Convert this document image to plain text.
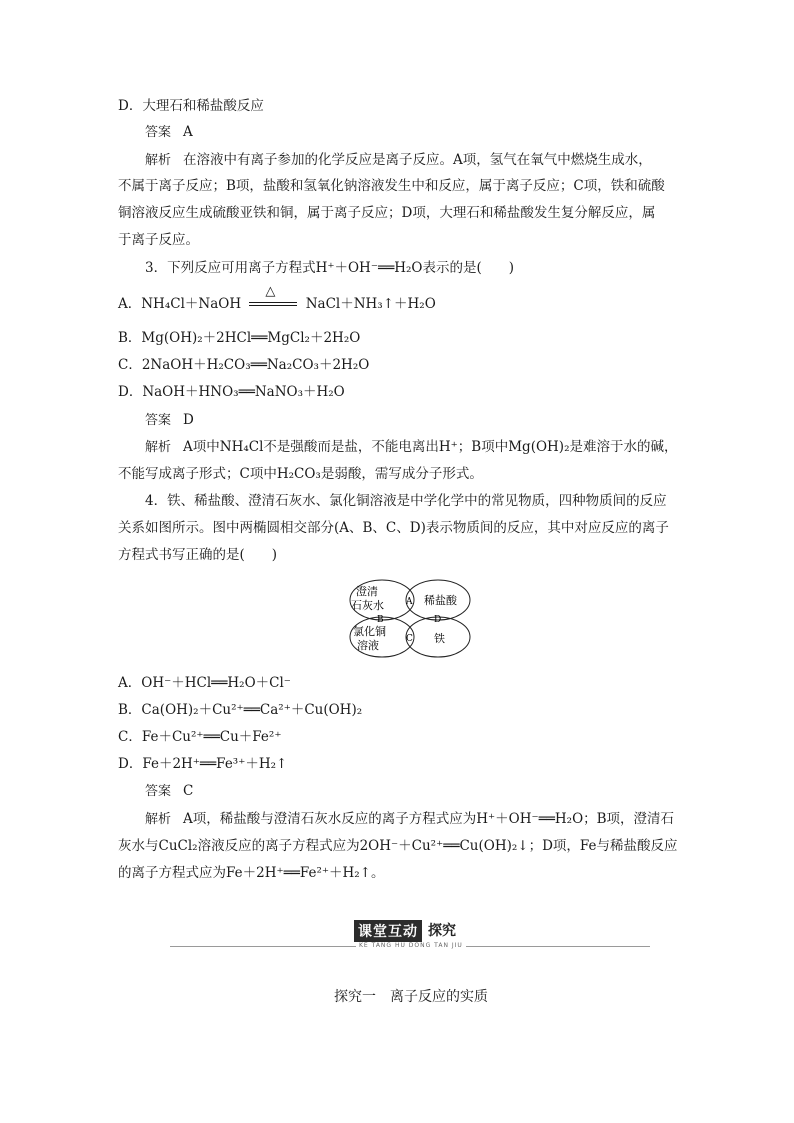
D．大理石和稀盐酸反应
答案 A
解析 在溶液中有离子参加的化学反应是离子反应。A项，氢气在氧气中燃烧生成水，
不属于离子反应；B项，盐酸和氢氧化钠溶液发生中和反应，属于离子反应；C项，铁和硫酸
铜溶液反应生成硫酸亚铁和铜，属于离子反应；D项，大理石和稀盐酸发生复分解反应，属
于离子反应。
3．下列反应可用离子方程式H⁺＋OH⁻══H₂O表示的是(　　)
A．NH₄Cl＋NaOH
△
NaCl＋NH₃↑＋H₂O
B．Mg(OH)₂＋2HCl══MgCl₂＋2H₂O
C．2NaOH＋H₂CO₃══Na₂CO₃＋2H₂O
D．NaOH＋HNO₃══NaNO₃＋H₂O
答案 D
解析 A项中NH₄Cl不是强酸而是盐，不能电离出H⁺；B项中Mg(OH)₂是难溶于水的碱，
不能写成离子形式；C项中H₂CO₃是弱酸，需写成分子形式。
4．铁、稀盐酸、澄清石灰水、氯化铜溶液是中学化学中的常见物质，四种物质间的反应
关系如图所示。图中两椭圆相交部分(A、B、C、D)表示物质间的反应，其中对应反应的离子
方程式书写正确的是(　　)
澄清
石灰水	稀盐酸
氯化铜
溶液
铁
A
B
C
D
A．OH⁻＋HCl══H₂O＋Cl⁻
B．Ca(OH)₂＋Cu²⁺══Ca²⁺＋Cu(OH)₂
C．Fe＋Cu²⁺══Cu＋Fe²⁺
D．Fe＋2H⁺══Fe³⁺＋H₂↑
答案 C
解析 A项，稀盐酸与澄清石灰水反应的离子方程式应为H⁺＋OH⁻══H₂O；B项，澄清石
灰水与CuCl₂溶液反应的离子方程式应为2OH⁻＋Cu²⁺══Cu(OH)₂↓；D项，Fe与稀盐酸反应
的离子方程式应为Fe＋2H⁺══Fe²⁺＋H₂↑。
课堂互动 探究
KE TANG HU DONG TAN JIU
探究一　离子反应的实质
